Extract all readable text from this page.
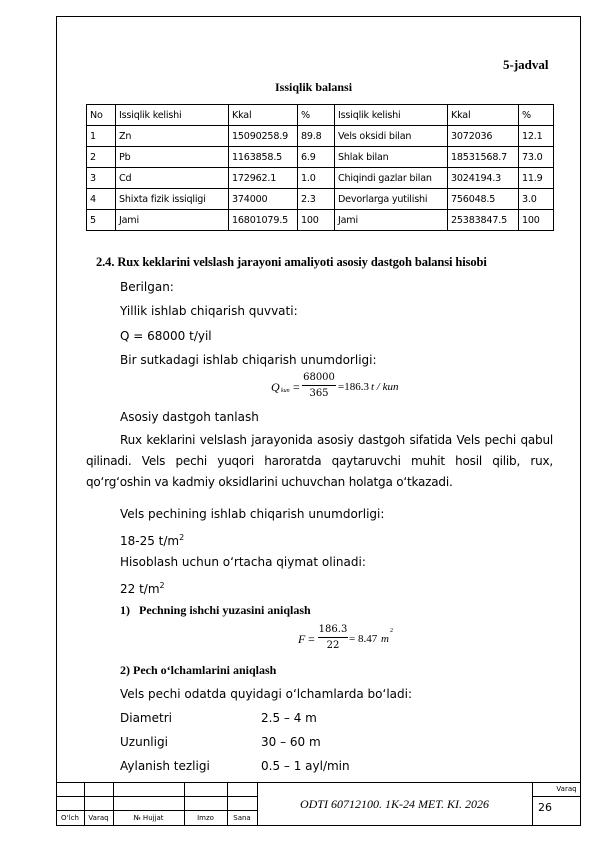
5-jadval
Issiqlik balansi
No	Issiqlik kelishi	Kkal	%	Issiqlik kelishi	Kkal	%
1	Zn	15090258.9	89.8	Vels oksidi bilan	3072036	12.1
2	Pb	1163858.5	6.9	Shlak bilan	18531568.7	73.0
3	Cd	172962.1	1.0	Chiqindi gazlar bilan	3024194.3	11.9
4	Shixta fizik issiqligi	374000	2.3	Devorlarga yutilishi	756048.5	3.0
5	Jami	16801079.5	100	Jami	25383847.5	100
2.4. Rux keklarini velslash jarayoni amaliyoti asosiy dastgoh balansi hisobi
Berilgan:
Yillik ishlab chiqarish quvvati:
Q = 68000 t/yil
Bir sutkadagi ishlab chiqarish unumdorligi:
Q kun =
68000
365
=186.3 t / kun
Asosiy dastgoh tanlash
Rux keklarini velslash jarayonida asosiy dastgoh sifatida Vels pechi qabul qilinadi. Vels pechi yuqori haroratda qaytaruvchi muhit hosil qilib, rux, qo‘rg‘oshin va kadmiy oksidlarini uchuvchan holatga o‘tkazadi.
Vels pechining ishlab chiqarish unumdorligi:
18-25 $t/m^2$
Hisoblash uchun o‘rtacha qiymat olinadi:
22 $t/m^2$
1) Pechning ishchi yuzasini aniqlash
F =
186.3
22
= 8.47 m
2
2) Pech o‘lchamlarini aniqlash
Vels pechi odatda quyidagi o‘lchamlarda bo‘ladi:
Diametri	2.5 – 4 m
Uzunligi	30 – 60 m
Aylanish tezligi	0.5 – 1 ayl/min
O‘lch	Varaq	№ Hujjat	Imzo	Sana
ODTI 60712100. 1K-24 MET. KI. 2026
Varaq
26
